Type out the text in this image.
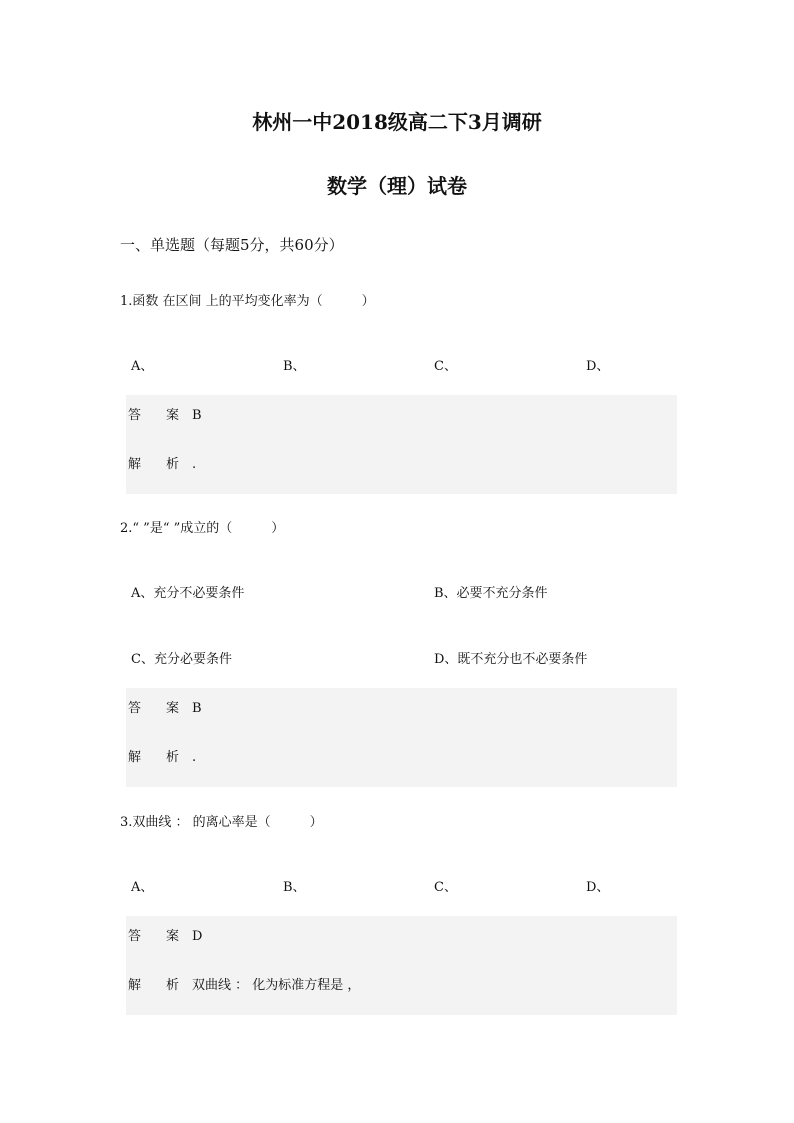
林州一中2018级高二下3月调研
数学（理）试卷
一、单选题（每题5分，共60分）
1.函数 在区间 上的平均变化率为（　　　）
A、	B、	C、	D、
答　案 B
解　析 .
2.“ ”是“ ”成立的（　　　）
A、充分不必要条件	B、必要不充分条件
C、充分必要条件	D、既不充分也不必要条件
答　案 B
解　析 .
3.双曲线 ： 的离心率是（　　　）
A、	B、	C、	D、
答　案 D
解　析 双曲线 ： 化为标准方程是 ，
